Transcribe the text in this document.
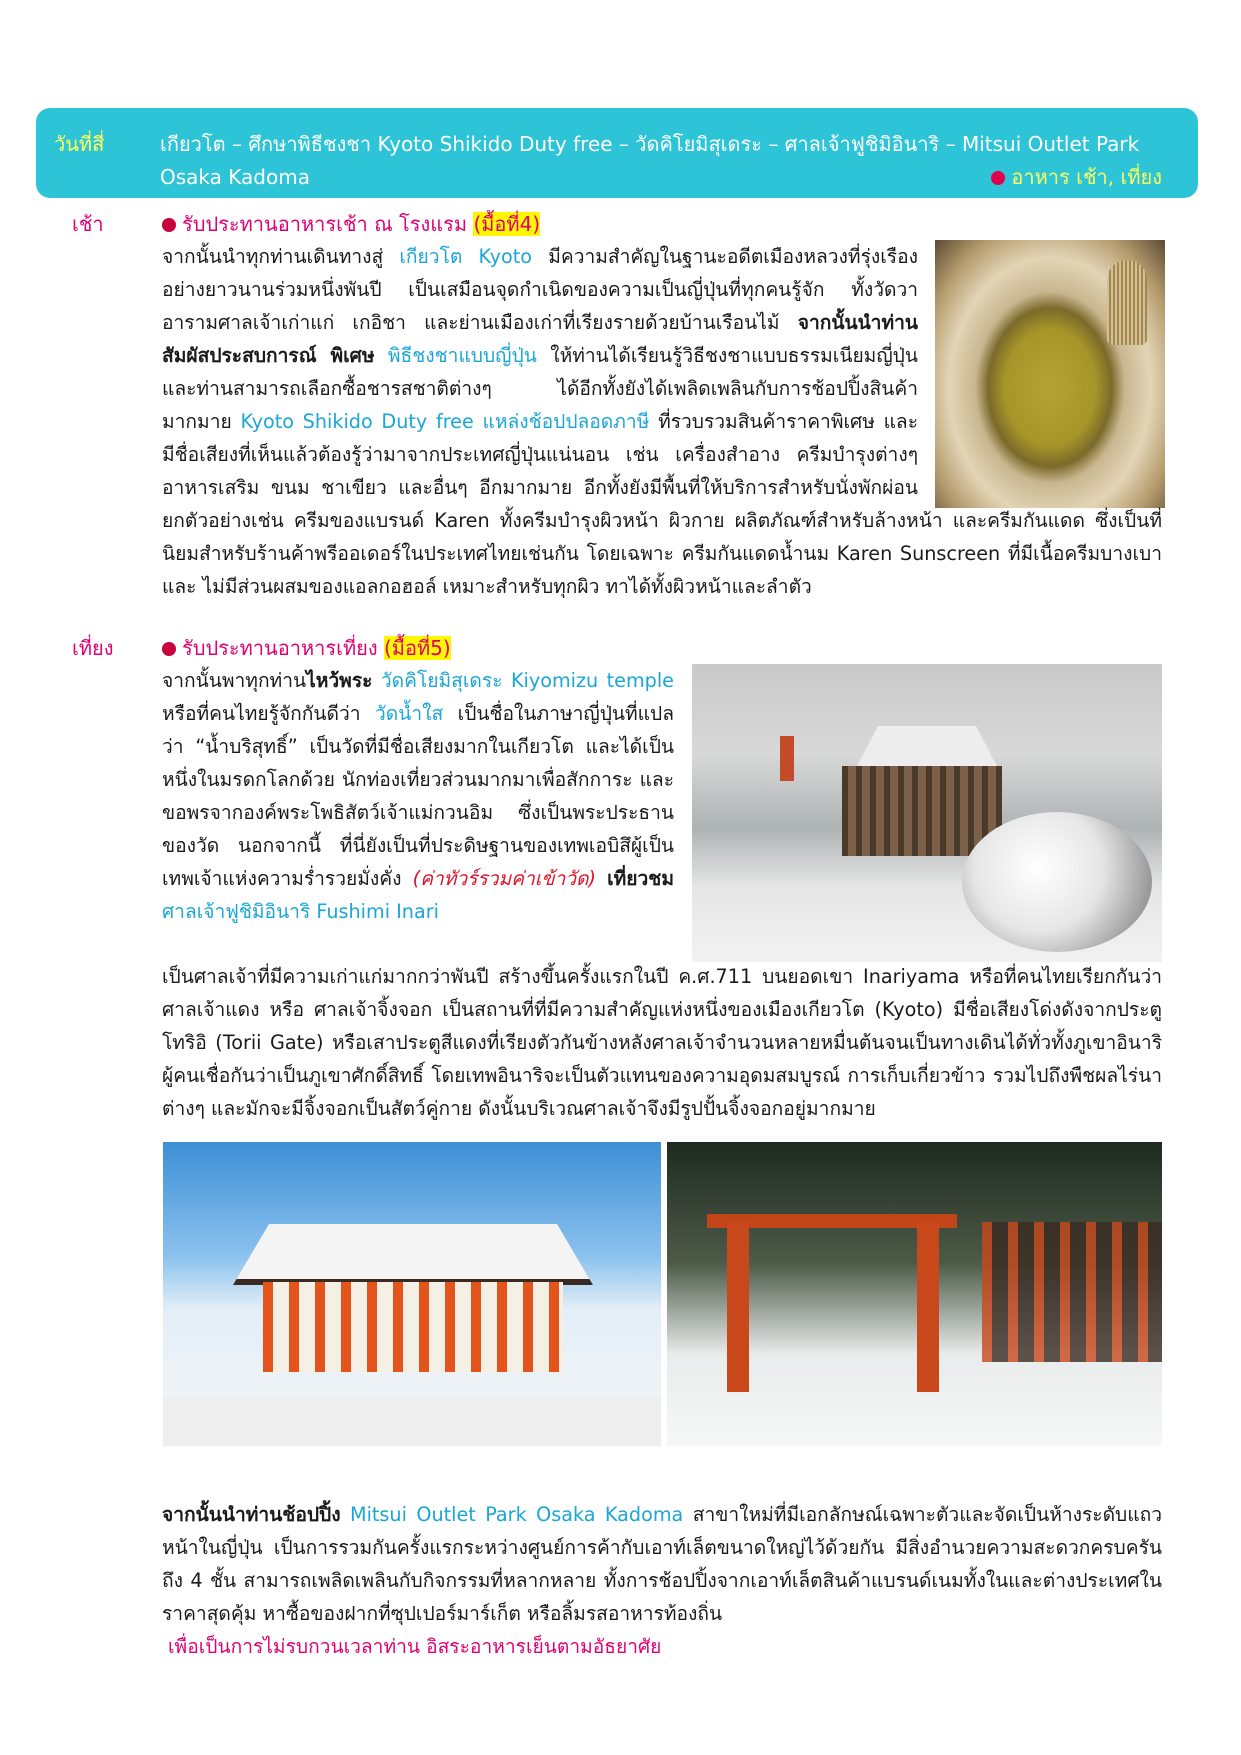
วันที่สี่	เกียวโต – ศึกษาพิธีชงชา Kyoto Shikido Duty free – วัดคิโยมิสุเดระ – ศาลเจ้าฟูชิมิอินาริ – Mitsui Outlet Park
Osaka Kadoma	อาหาร เช้า, เที่ยง
เช้า	รับประทานอาหารเช้า ณ โรงแรม (มื้อที่4)
จากนั้นนำทุกท่านเดินทางสู่ เกียวโต Kyoto มีความสำคัญในฐานะอดีตเมืองหลวงที่รุ่งเรืองอย่างยาวนานร่วมหนึ่งพันปี เป็นเสมือนจุดกำเนิดของความเป็นญี่ปุ่นที่ทุกคนรู้จัก ทั้งวัดวาอารามศาลเจ้าเก่าแก่ เกอิชา และย่านเมืองเก่าที่เรียงรายด้วยบ้านเรือนไม้ จากนั้นนำท่านสัมผัสประสบการณ์ พิเศษ พิธีชงชาแบบญี่ปุ่น ให้ท่านได้เรียนรู้วิธีชงชาแบบธรรมเนียมญี่ปุ่น และท่านสามารถเลือกซื้อชารสชาติต่างๆ ได้อีกทั้งยังได้เพลิดเพลินกับการช้อปปิ้งสินค้ามากมาย Kyoto Shikido Duty free แหล่งช้อปปลอดภาษี ที่รวบรวมสินค้าราคาพิเศษ และมีชื่อเสียงที่เห็นแล้วต้องรู้ว่ามาจากประเทศญี่ปุ่นแน่นอน เช่น เครื่องสำอาง ครีมบำรุงต่างๆ อาหารเสริม ขนม ชาเขียว และอื่นๆ อีกมากมาย อีกทั้งยังมีพื้นที่ให้บริการสำหรับนั่งพักผ่อน
ยกตัวอย่างเช่น ครีมของแบรนด์ Karen ทั้งครีมบำรุงผิวหน้า ผิวกาย ผลิตภัณฑ์สำหรับล้างหน้า และครีมกันแดด ซึ่งเป็นที่นิยมสำหรับร้านค้าพรีออเดอร์ในประเทศไทยเช่นกัน โดยเฉพาะ ครีมกันแดดน้ำนม Karen Sunscreen ที่มีเนื้อครีมบางเบา และ ไม่มีส่วนผสมของแอลกอฮอล์ เหมาะสำหรับทุกผิว ทาได้ทั้งผิวหน้าและลำตัว
เที่ยง	รับประทานอาหารเที่ยง (มื้อที่5)
จากนั้นพาทุกท่านไหว้พระ วัดคิโยมิสุเดระ Kiyomizu temple หรือที่คนไทยรู้จักกันดีว่า วัดน้ำใส เป็นชื่อในภาษาญี่ปุ่นที่แปลว่า “น้ำบริสุทธิ์” เป็นวัดที่มีชื่อเสียงมากในเกียวโต และได้เป็นหนึ่งในมรดกโลกด้วย นักท่องเที่ยวส่วนมากมาเพื่อสักการะ และขอพรจากองค์พระโพธิสัตว์เจ้าแม่กวนอิม ซึ่งเป็นพระประธานของวัด นอกจากนี้ ที่นี่ยังเป็นที่ประดิษฐานของเทพเอบิสึผู้เป็นเทพเจ้าแห่งความร่ำรวยมั่งคั่ง (ค่าทัวร์รวมค่าเข้าวัด) เที่ยวชม ศาลเจ้าฟูชิมิอินาริ Fushimi Inari
เป็นศาลเจ้าที่มีความเก่าแก่มากกว่าพันปี สร้างขึ้นครั้งแรกในปี ค.ศ.711 บนยอดเขา Inariyama หรือที่คนไทยเรียกกันว่าศาลเจ้าแดง หรือ ศาลเจ้าจิ้งจอก เป็นสถานที่ที่มีความสำคัญแห่งหนึ่งของเมืองเกียวโต (Kyoto) มีชื่อเสียงโด่งดังจากประตูโทริอิ (Torii Gate) หรือเสาประตูสีแดงที่เรียงตัวกันข้างหลังศาลเจ้าจำนวนหลายหมื่นต้นจนเป็นทางเดินได้ทั่วทั้งภูเขาอินาริ ผู้คนเชื่อกันว่าเป็นภูเขาศักดิ์สิทธิ์ โดยเทพอินาริจะเป็นตัวแทนของความอุดมสมบูรณ์ การเก็บเกี่ยวข้าว รวมไปถึงพืชผลไร่นาต่างๆ และมักจะมีจิ้งจอกเป็นสัตว์คู่กาย ดังนั้นบริเวณศาลเจ้าจึงมีรูปปั้นจิ้งจอกอยู่มากมาย
จากนั้นนำท่านช้อปปิ้ง Mitsui Outlet Park Osaka Kadoma สาขาใหม่ที่มีเอกลักษณ์เฉพาะตัวและจัดเป็นห้างระดับแถวหน้าในญี่ปุ่น เป็นการรวมกันครั้งแรกระหว่างศูนย์การค้ากับเอาท์เล็ตขนาดใหญ่ไว้ด้วยกัน มีสิ่งอำนวยความสะดวกครบครันถึง 4 ชั้น สามารถเพลิดเพลินกับกิจกรรมที่หลากหลาย ทั้งการช้อปปิ้งจากเอาท์เล็ตสินค้าแบรนด์เนมทั้งในและต่างประเทศในราคาสุดคุ้ม หาซื้อของฝากที่ซุปเปอร์มาร์เก็ต หรือลิ้มรสอาหารท้องถิ่น
เพื่อเป็นการไม่รบกวนเวลาท่าน อิสระอาหารเย็นตามอัธยาศัย
